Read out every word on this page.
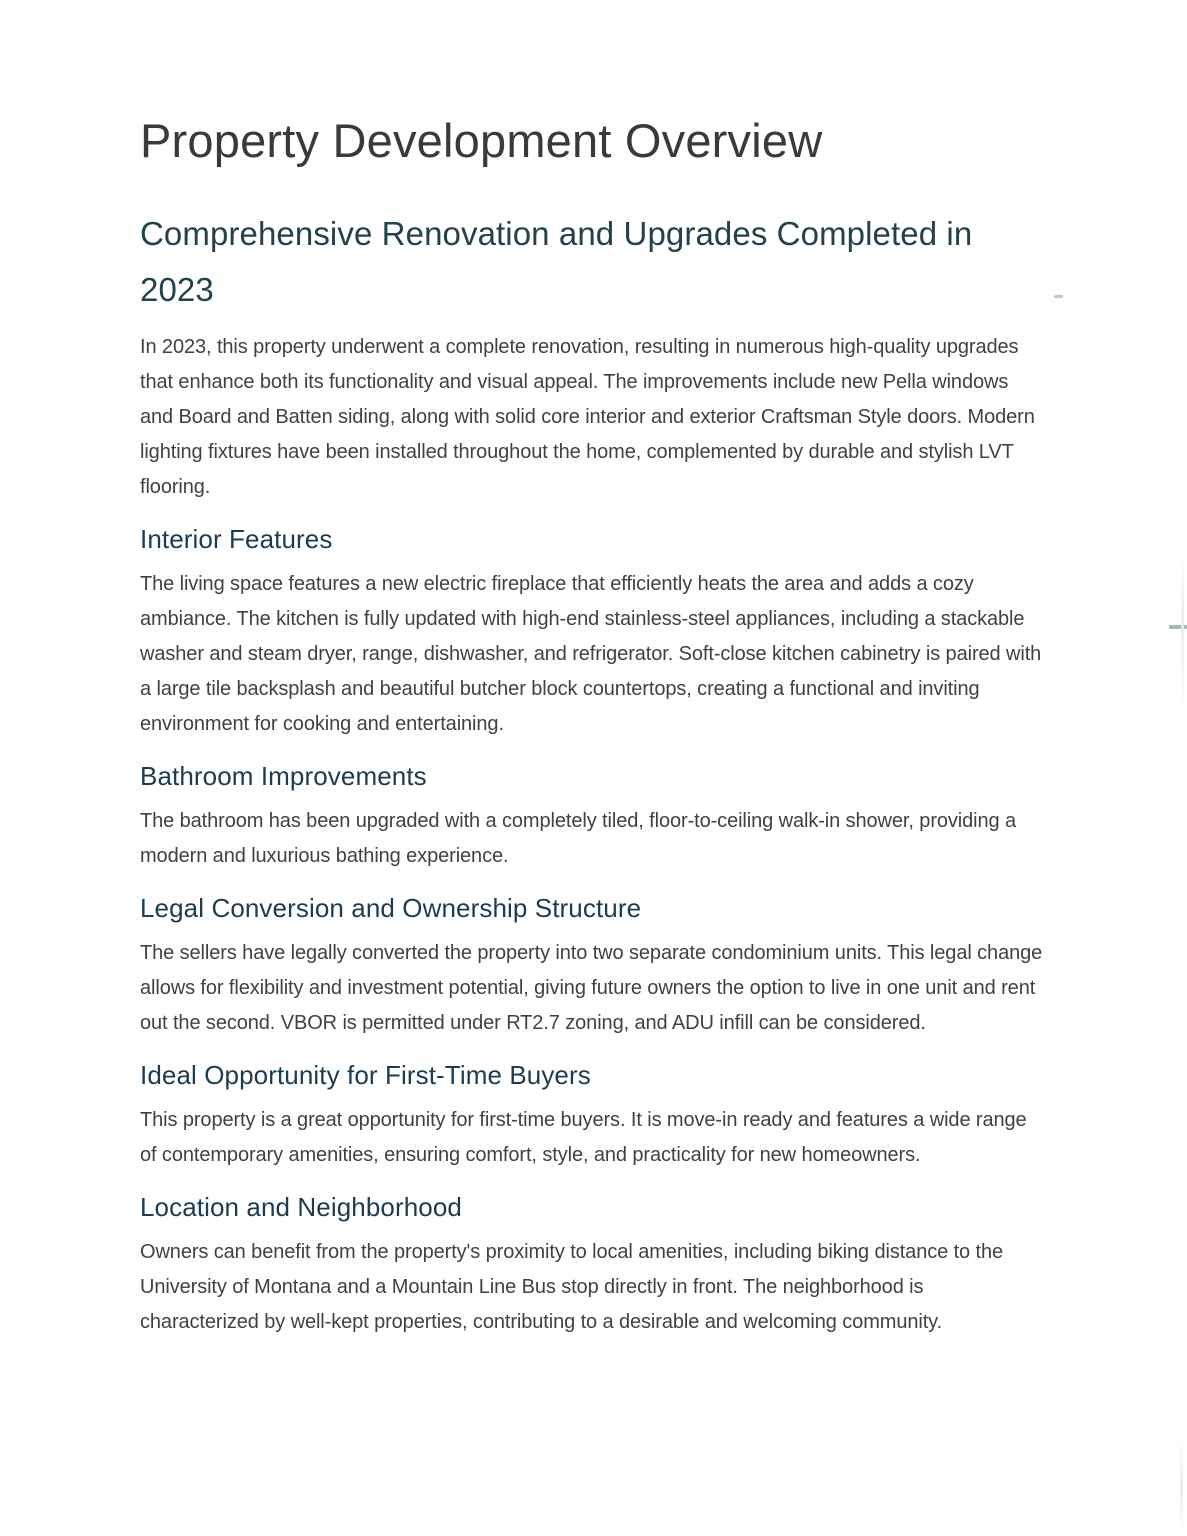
Property Development Overview
Comprehensive Renovation and Upgrades Completed in 2023

In 2023, this property underwent a complete renovation, resulting in numerous high-quality upgrades that enhance both its functionality and visual appeal. The improvements include new Pella windows and Board and Batten siding, along with solid core interior and exterior Craftsman Style doors. Modern lighting fixtures have been installed throughout the home, complemented by durable and stylish LVT flooring.

Interior Features

The living space features a new electric fireplace that efficiently heats the area and adds a cozy ambiance. The kitchen is fully updated with high-end stainless-steel appliances, including a stackable washer and steam dryer, range, dishwasher, and refrigerator. Soft-close kitchen cabinetry is paired with a large tile backsplash and beautiful butcher block countertops, creating a functional and inviting environment for cooking and entertaining.

Bathroom Improvements

The bathroom has been upgraded with a completely tiled, floor-to-ceiling walk-in shower, providing a modern and luxurious bathing experience.

Legal Conversion and Ownership Structure

The sellers have legally converted the property into two separate condominium units. This legal change allows for flexibility and investment potential, giving future owners the option to live in one unit and rent out the second. VBOR is permitted under RT2.7 zoning, and ADU infill can be considered.

Ideal Opportunity for First-Time Buyers

This property is a great opportunity for first-time buyers. It is move-in ready and features a wide range of contemporary amenities, ensuring comfort, style, and practicality for new homeowners.

Location and Neighborhood

Owners can benefit from the property's proximity to local amenities, including biking distance to the University of Montana and a Mountain Line Bus stop directly in front. The neighborhood is characterized by well-kept properties, contributing to a desirable and welcoming community.
